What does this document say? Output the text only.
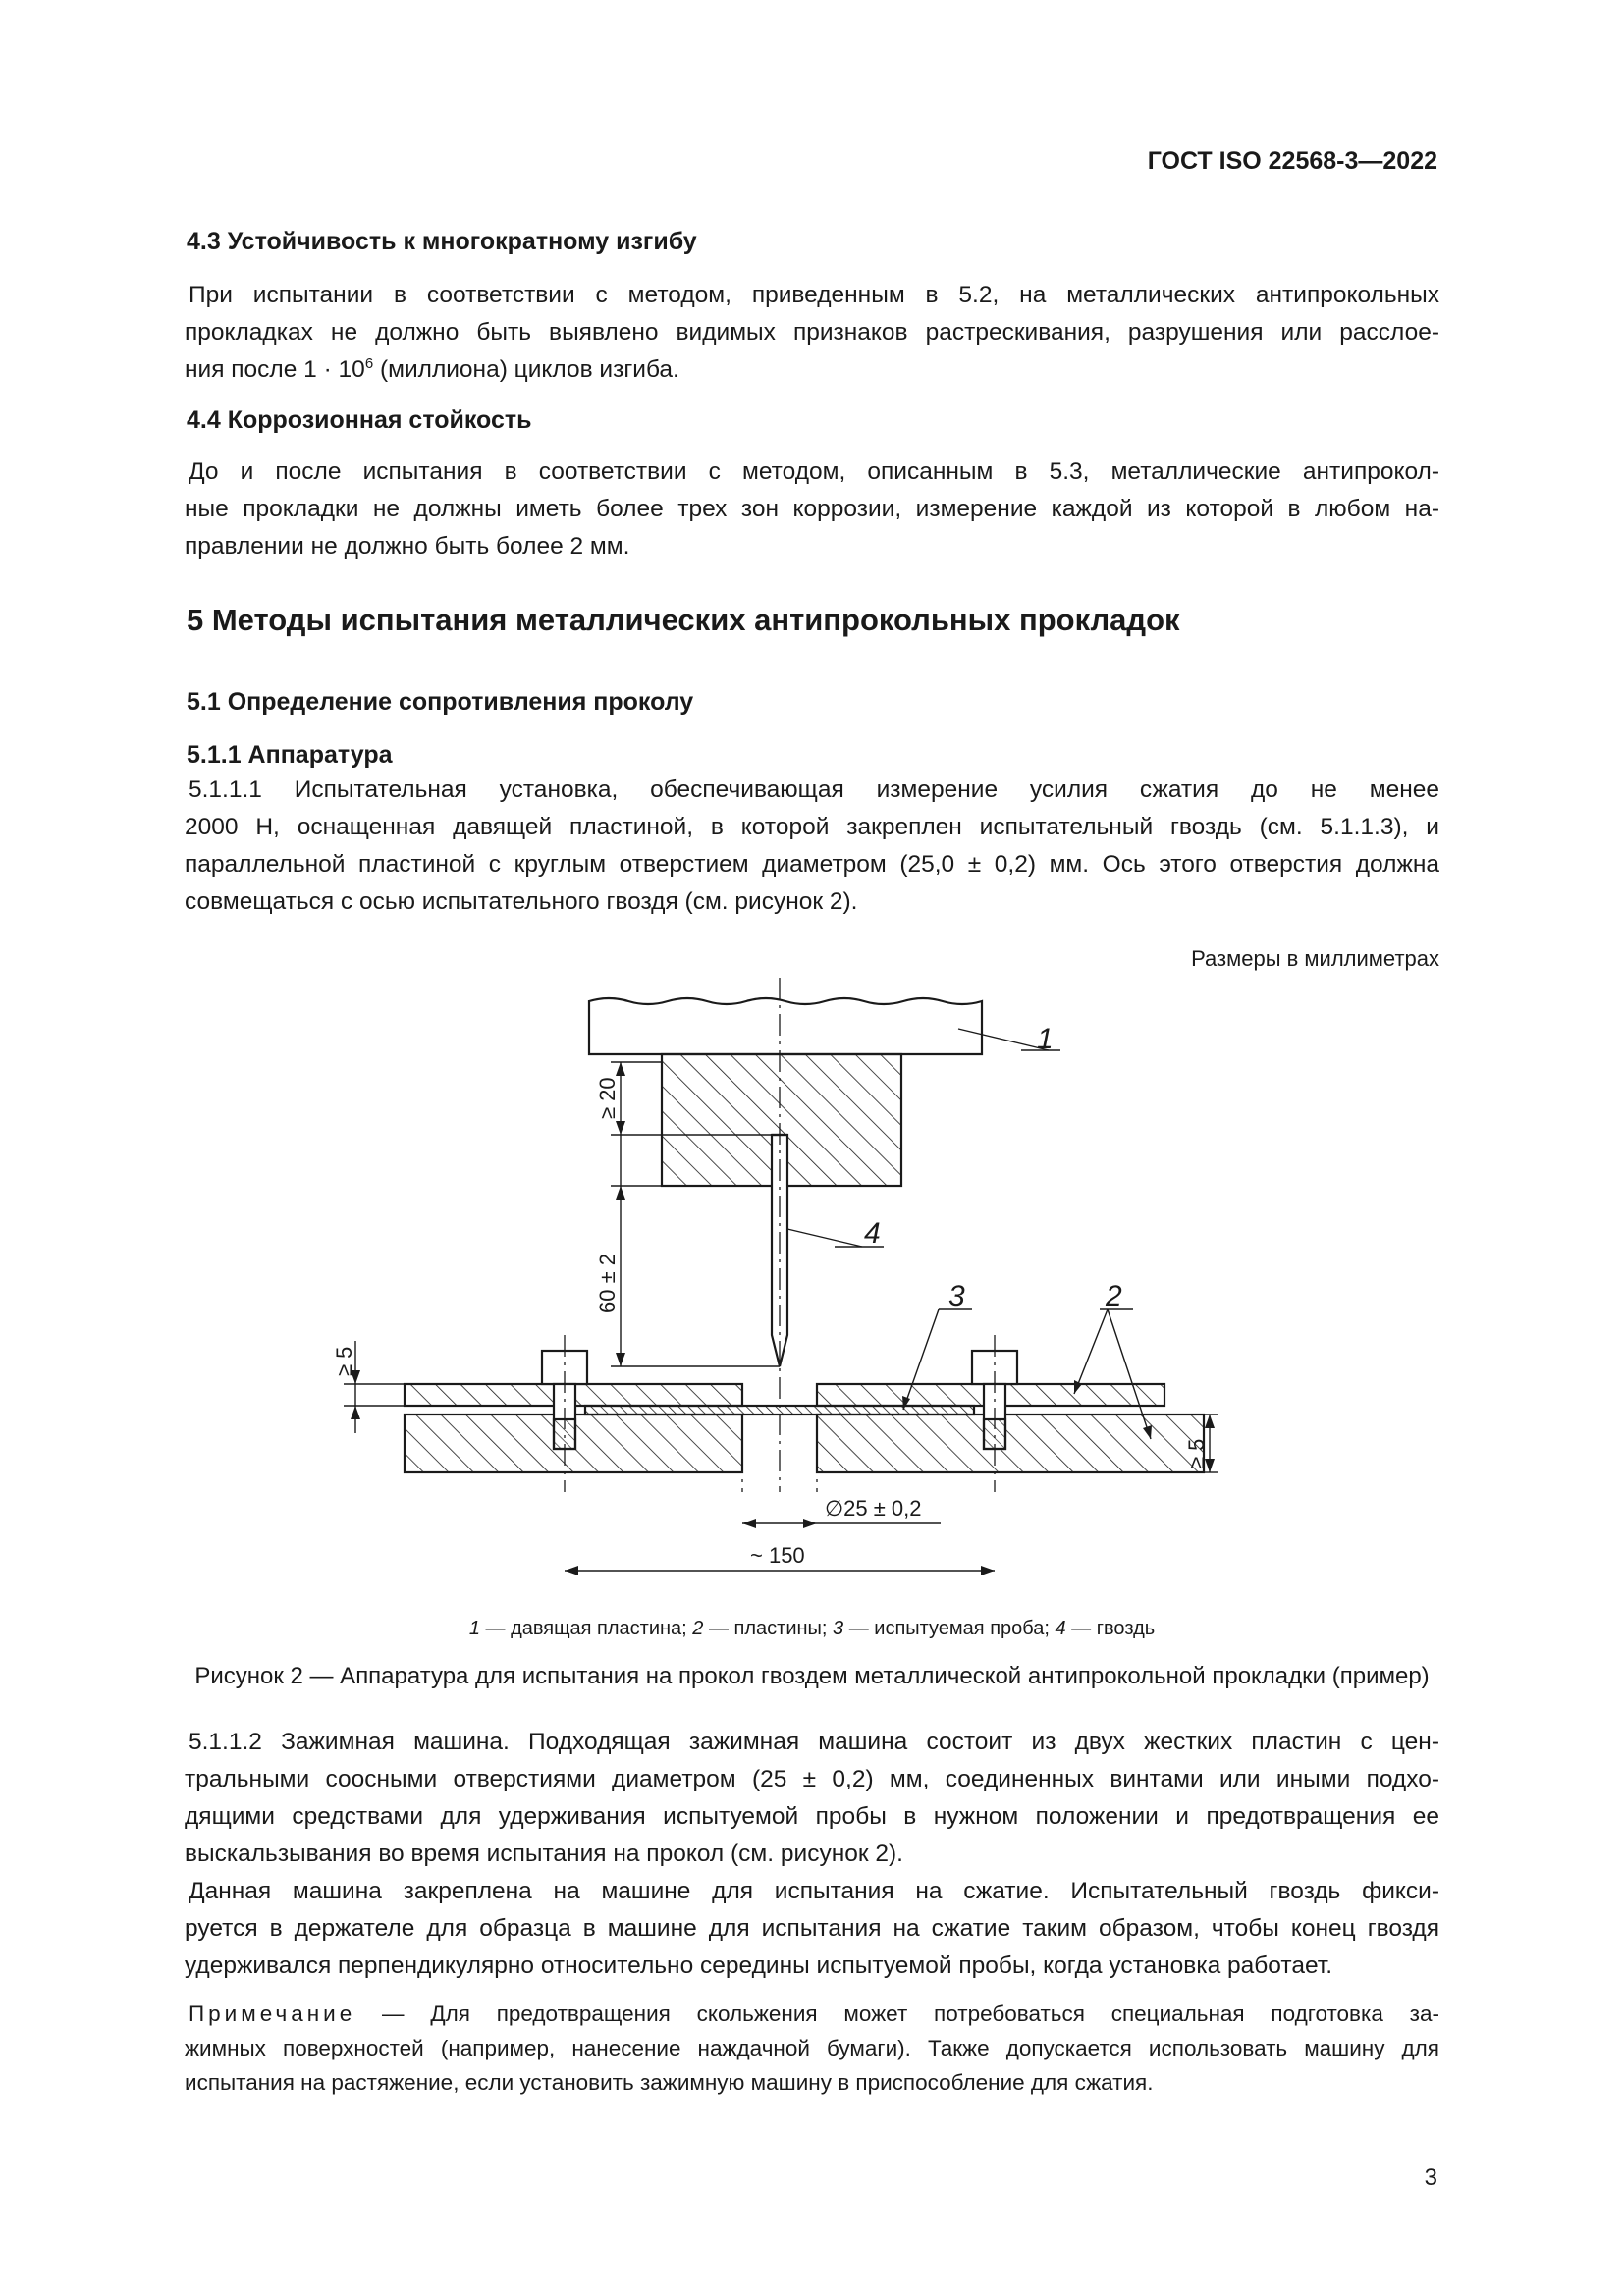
ГОСТ ISO 22568-3—2022
4.3 Устойчивость к многократному изгибу
При испытании в соответствии с методом, приведенным в 5.2, на металлических антипрокольных
прокладках не должно быть выявлено видимых признаков растрескивания, разрушения или расслое-
ния после $1 \cdot 10^6$ (миллиона) циклов изгиба.
4.4 Коррозионная стойкость
До и после испытания в соответствии с методом, описанным в 5.3, металлические антипрокол-
ные прокладки не должны иметь более трех зон коррозии, измерение каждой из которой в любом на-
правлении не должно быть более 2 мм.
5 Методы испытания металлических антипрокольных прокладок
5.1 Определение сопротивления проколу
5.1.1 Аппаратура
5.1.1.1 Испытательная установка, обеспечивающая измерение усилия сжатия до не менее
2000 Н, оснащенная давящей пластиной, в которой закреплен испытательный гвоздь (см. 5.1.1.3), и
параллельной пластиной с круглым отверстием диаметром (25,0 ± 0,2) мм. Ось этого отверстия должна
совмещаться с осью испытательного гвоздя (см. рисунок 2).
Размеры в миллиметрах
≥ 20
60 ± 2
≥ 5
≥ 5
∅25 ± 0,2
~ 150
1
4
3	2
1 — давящая пластина; 2 — пластины; 3 — испытуемая проба; 4 — гвоздь
Рисунок 2 — Аппаратура для испытания на прокол гвоздем металлической антипрокольной прокладки (пример)
5.1.1.2 Зажимная машина. Подходящая зажимная машина состоит из двух жестких пластин с цен-
тральными соосными отверстиями диаметром (25 ± 0,2) мм, соединенных винтами или иными подхо-
дящими средствами для удерживания испытуемой пробы в нужном положении и предотвращения ее
выскальзывания во время испытания на прокол (см. рисунок 2).
Данная машина закреплена на машине для испытания на сжатие. Испытательный гвоздь фикси-
руется в держателе для образца в машине для испытания на сжатие таким образом, чтобы конец гвоздя
удерживался перпендикулярно относительно середины испытуемой пробы, когда установка работает.
Примечание — Для предотвращения скольжения может потребоваться специальная подготовка за-
жимных поверхностей (например, нанесение наждачной бумаги). Также допускается использовать машину для
испытания на растяжение, если установить зажимную машину в приспособление для сжатия.
3
